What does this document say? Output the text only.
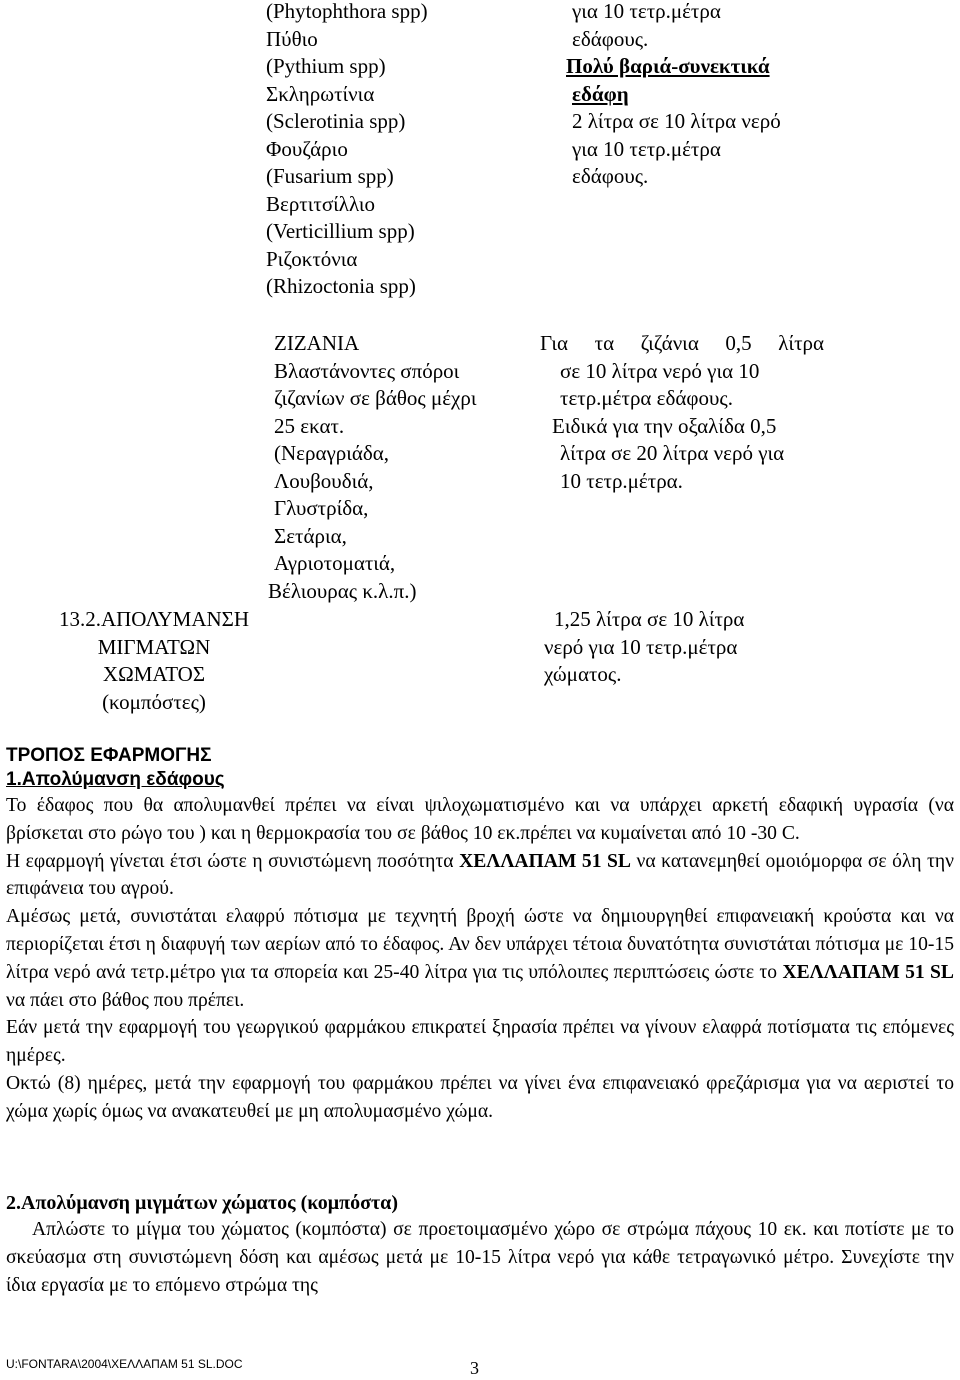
(Phytophthora spp)
Πύθιο
(Pythium spp)
Σκληρωτίνια
(Sclerotinia spp)
Φουζάριο
(Fusarium spp)
Βερτιτσίλλιο
(Verticillium spp)
Ριζοκτόνια
(Rhizoctonia spp)
για 10 τετρ.μέτρα
εδάφους.
Πολύ βαριά-συνεκτικά
εδάφη
2 λίτρα σε 10 λίτρα νερό
για 10 τετρ.μέτρα
εδάφους.
ΖΙΖΑΝΙΑ
Βλαστάνοντες σπόροι
ζιζανίων σε βάθος μέχρι
25 εκατ.
(Νεραγριάδα,
Λουβουδιά,
Γλυστρίδα,
Σετάρια,
Αγριοτοματιά,
Βέλιουρας κ.λ.π.)
Για τα ζιζάνια 0,5 λίτρα
σε 10 λίτρα νερό για 10
τετρ.μέτρα εδάφους.
Ειδικά για την οξαλίδα 0,5
λίτρα σε 20 λίτρα νερό για
10 τετρ.μέτρα.
13.2.ΑΠΟΛΥΜΑΝΣΗ
ΜΙΓΜΑΤΩΝ
ΧΩΜΑΤΟΣ
(κομπόστες)
1,25 λίτρα σε 10 λίτρα
νερό για 10 τετρ.μέτρα
χώματος.
ΤΡΟΠΟΣ ΕΦΑΡΜΟΓΗΣ
1.Απολύμανση εδάφους

Το έδαφος που θα απολυμανθεί πρέπει να είναι ψιλοχωματισμένο και να υπάρχει αρκετή εδαφική υγρασία (να βρίσκεται στο ρώγο του ) και η θερμοκρασία του σε βάθος 10 εκ.πρέπει να κυμαίνεται από 10 -30 C.

Η εφαρμογή γίνεται έτσι ώστε η συνιστώμενη ποσότητα ΧΕΛΛΑΠΑΜ 51 SL να κατανεμηθεί ομοιόμορφα σε όλη την επιφάνεια του αγρού.

Αμέσως μετά, συνιστάται ελαφρύ πότισμα με τεχνητή βροχή ώστε να δημιουργηθεί επιφανειακή κρούστα και να περιορίζεται έτσι η διαφυγή των αερίων από το έδαφος. Αν δεν υπάρχει τέτοια δυνατότητα συνιστάται πότισμα με 10-15 λίτρα νερό ανά τετρ.μέτρο για τα σπορεία και 25-40 λίτρα για τις υπόλοιπες περιπτώσεις ώστε το ΧΕΛΛΑΠΑΜ 51 SL να πάει στο βάθος που πρέπει.

Εάν μετά την εφαρμογή του γεωργικού φαρμάκου επικρατεί ξηρασία πρέπει να γίνουν ελαφρά ποτίσματα τις επόμενες ημέρες.

Οκτώ (8) ημέρες, μετά την εφαρμογή του φαρμάκου πρέπει να γίνει ένα επιφανειακό φρεζάρισμα για να αεριστεί το χώμα χωρίς όμως να ανακατευθεί με μη απολυμασμένο χώμα.

2.Απολύμανση μιγμάτων χώματος (κομπόστα)

Απλώστε το μίγμα του χώματος (κομπόστα) σε προετοιμασμένο χώρο σε στρώμα πάχους 10 εκ. και ποτίστε με το σκεύασμα στη συνιστώμενη δόση και αμέσως μετά με 10-15 λίτρα νερό για κάθε τετραγωνικό μέτρο. Συνεχίστε την ίδια εργασία με το επόμενο στρώμα της

U:\FONTARA\2004\ΧΕΛΛΑΠΑΜ 51 SL.DOC	3
